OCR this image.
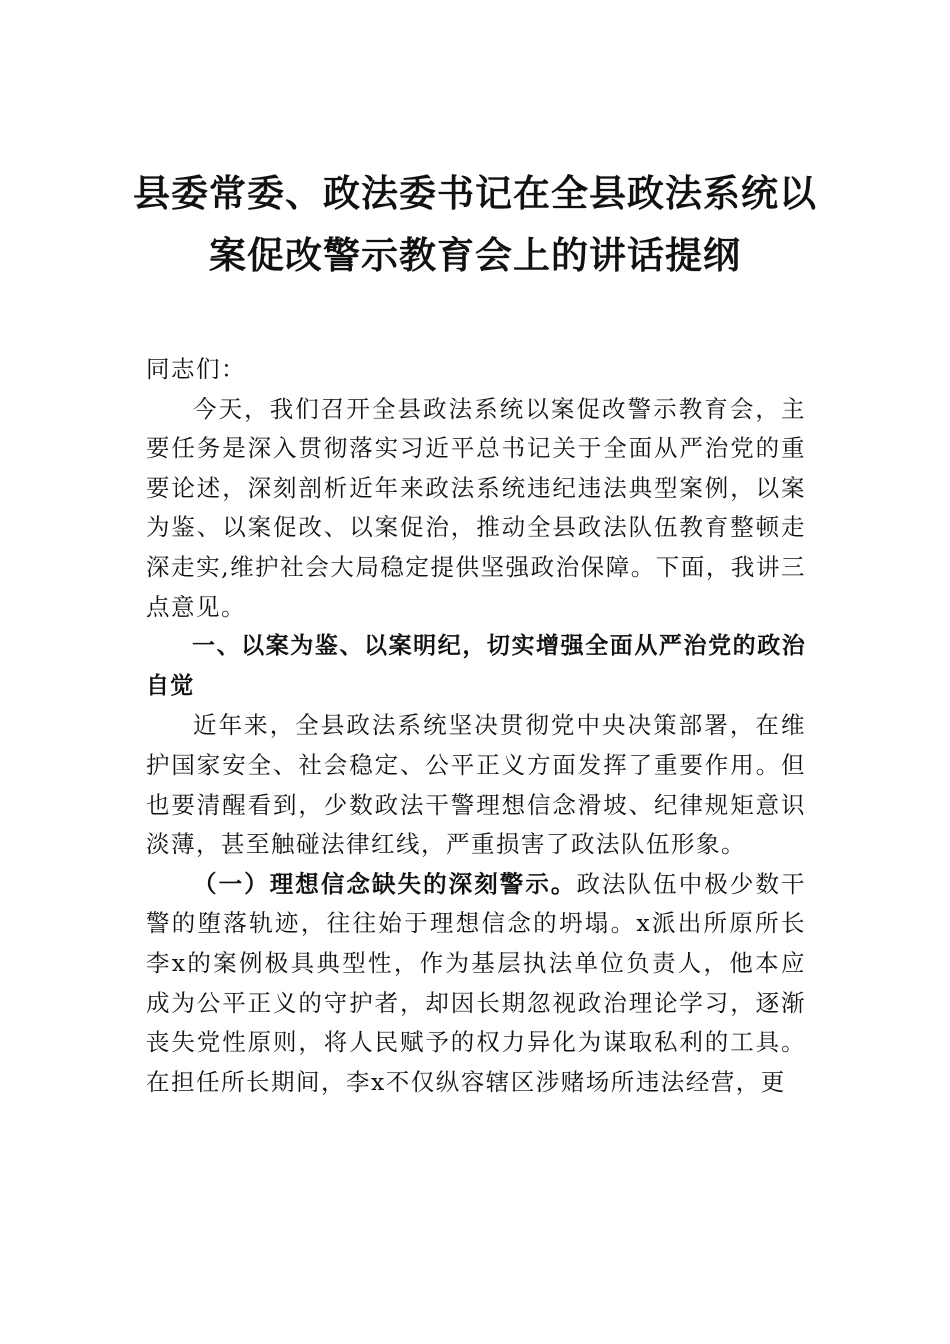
县委常委、政法委书记在全县政法系统以
案促改警示教育会上的讲话提纲

同志们：

今天，我们召开全县政法系统以案促改警示教育会，主要任务是深入贯彻落实习近平总书记关于全面从严治党的重要论述，深刻剖析近年来政法系统违纪违法典型案例，以案为鉴、以案促改、以案促治，推动全县政法队伍教育整顿走深走实,维护社会大局稳定提供坚强政治保障。下面，我讲三点意见。

一、以案为鉴、以案明纪，切实增强全面从严治党的政治自觉

近年来，全县政法系统坚决贯彻党中央决策部署，在维护国家安全、社会稳定、公平正义方面发挥了重要作用。但也要清醒看到，少数政法干警理想信念滑坡、纪律规矩意识淡薄，甚至触碰法律红线，严重损害了政法队伍形象。

（一）理想信念缺失的深刻警示。政法队伍中极少数干警的堕落轨迹，往往始于理想信念的坍塌。x派出所原所长李x的案例极具典型性，作为基层执法单位负责人，他本应成为公平正义的守护者，却因长期忽视政治理论学习，逐渐丧失党性原则，将人民赋予的权力异化为谋取私利的工具。在担任所长期间，李x不仅纵容辖区涉赌场所违法经营，更
